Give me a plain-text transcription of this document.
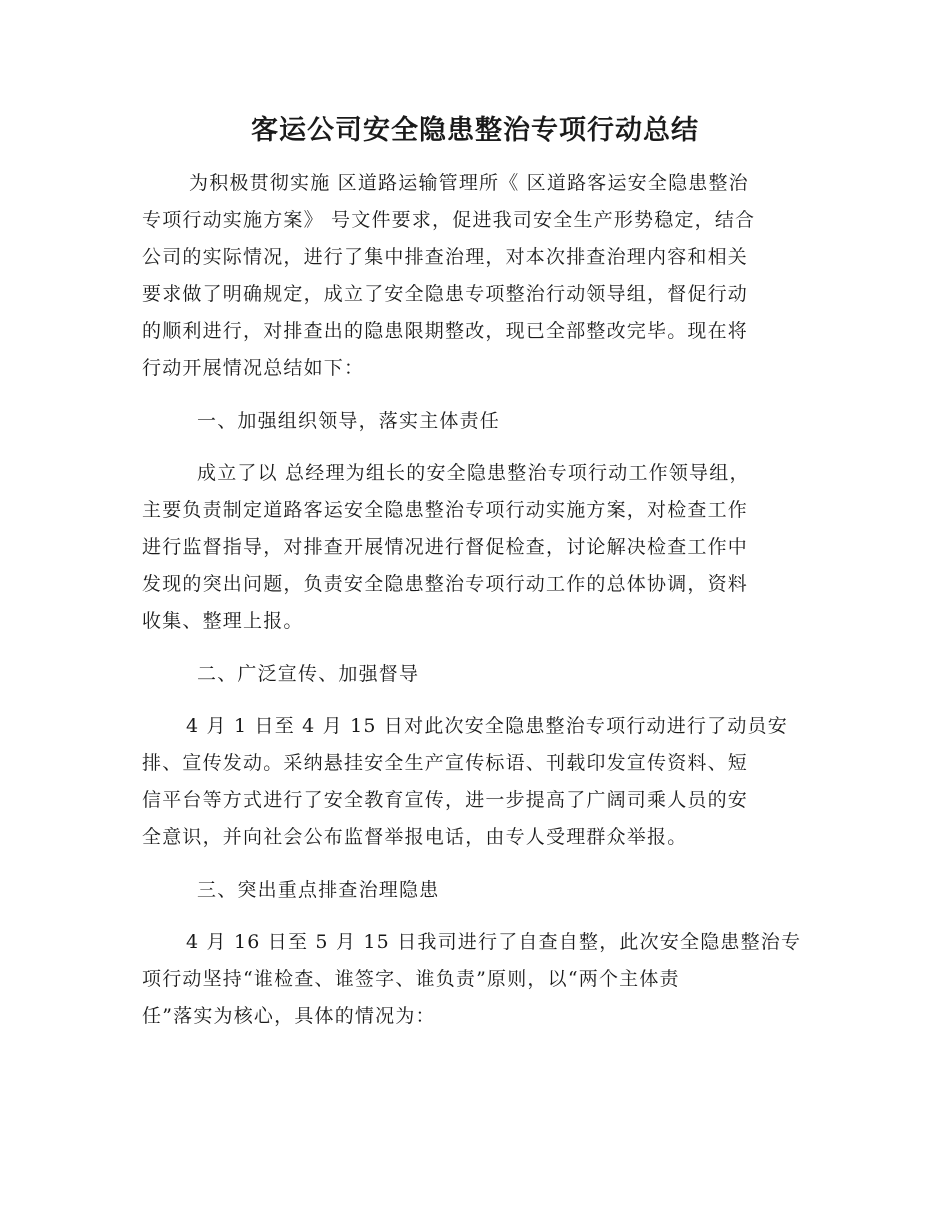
客运公司安全隐患整治专项行动总结
为积极贯彻实施 区道路运输管理所《 区道路客运安全隐患整治
专项行动实施方案》 号文件要求，促进我司安全生产形势稳定，结合
公司的实际情况，进行了集中排查治理，对本次排查治理内容和相关
要求做了明确规定，成立了安全隐患专项整治行动领导组，督促行动
的顺利进行，对排查出的隐患限期整改，现已全部整改完毕。现在将
行动开展情况总结如下：
一、加强组织领导，落实主体责任
成立了以 总经理为组长的安全隐患整治专项行动工作领导组，
主要负责制定道路客运安全隐患整治专项行动实施方案，对检查工作
进行监督指导，对排查开展情况进行督促检查，讨论解决检查工作中
发现的突出问题，负责安全隐患整治专项行动工作的总体协调，资料
收集、整理上报。
二、广泛宣传、加强督导
4 月 1 日至 4 月 15 日对此次安全隐患整治专项行动进行了动员安
排、宣传发动。采纳悬挂安全生产宣传标语、刊载印发宣传资料、短
信平台等方式进行了安全教育宣传，进一步提高了广阔司乘人员的安
全意识，并向社会公布监督举报电话，由专人受理群众举报。
三、突出重点排查治理隐患
4 月 16 日至 5 月 15 日我司进行了自查自整，此次安全隐患整治专
项行动坚持“谁检查、谁签字、谁负责”原则，以“两个主体责
任”落实为核心，具体的情况为：
